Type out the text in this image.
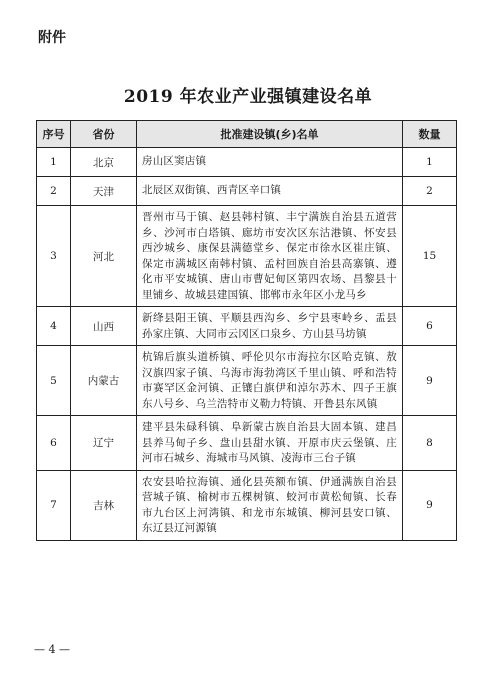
附件
2019 年农业产业强镇建设名单
序号	省份	批准建设镇(乡)名单	数量
1	北京	房山区窦店镇	1
2	天津	北辰区双街镇、西青区辛口镇	2
3	河北	晋州市马于镇、赵县韩村镇、丰宁满族自治县五道营乡、沙河市白塔镇、廊坊市安次区东沽港镇、怀安县西沙城乡、康保县满德堂乡、保定市徐水区崔庄镇、保定市满城区南韩村镇、孟村回族自治县高寨镇、遵化市平安城镇、唐山市曹妃甸区第四农场、昌黎县十里铺乡、故城县建国镇、邯郸市永年区小龙马乡	15
4	山西	新绛县阳王镇、平顺县西沟乡、乡宁县枣岭乡、盂县孙家庄镇、大同市云冈区口泉乡、方山县马坊镇	6
5	内蒙古	杭锦后旗头道桥镇、呼伦贝尔市海拉尔区哈克镇、敖汉旗四家子镇、乌海市海勃湾区千里山镇、呼和浩特市赛罕区金河镇、正镶白旗伊和淖尔苏木、四子王旗东八号乡、乌兰浩特市义勒力特镇、开鲁县东风镇	9
6	辽宁	建平县朱碌科镇、阜新蒙古族自治县大固本镇、建昌县养马甸子乡、盘山县甜水镇、开原市庆云堡镇、庄河市石城乡、海城市马风镇、凌海市三台子镇	8
7	吉林	农安县哈拉海镇、通化县英额布镇、伊通满族自治县营城子镇、榆树市五棵树镇、蛟河市黄松甸镇、长春市九台区上河湾镇、和龙市东城镇、柳河县安口镇、东辽县辽河源镇	9
— 4 —
